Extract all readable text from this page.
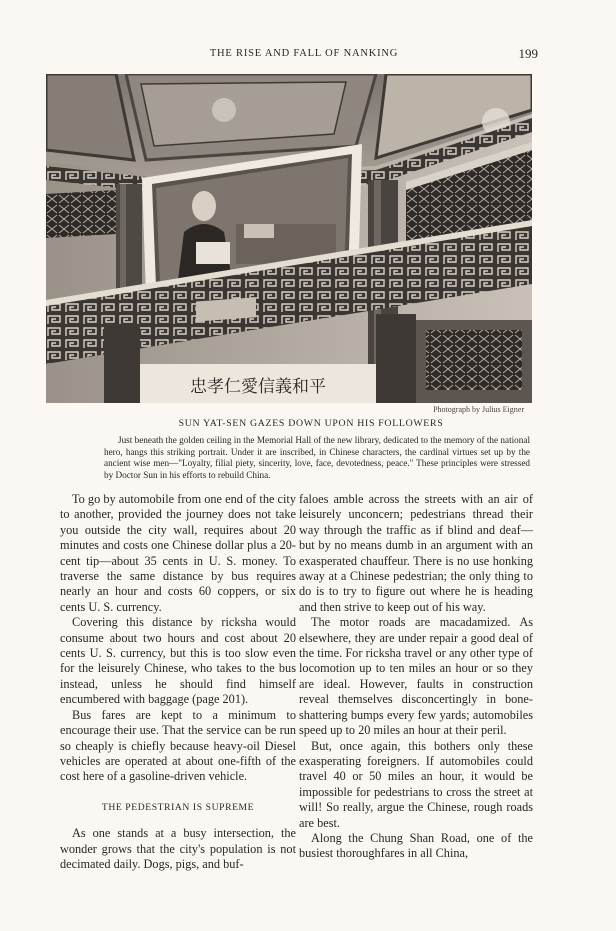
THE RISE AND FALL OF NANKING	199
忠孝仁愛信義和平
Photograph by Julius Eigner
SUN YAT-SEN GAZES DOWN UPON HIS FOLLOWERS
Just beneath the golden ceiling in the Memorial Hall of the new library, dedicated to the memory of the national hero, hangs this striking portrait. Under it are inscribed, in Chinese characters, the cardinal virtues set up by the ancient wise men—"Loyalty, filial piety, sincerity, love, face, devotedness, peace." These principles were stressed by Doctor Sun in his efforts to rebuild China.

To go by automobile from one end of the city to another, provided the journey does not take you outside the city wall, requires about 20 minutes and costs one Chinese dollar plus a 20-cent tip—about 35 cents in U. S. money. To traverse the same distance by bus requires nearly an hour and costs 60 coppers, or six cents U. S. currency.

Covering this distance by ricksha would consume about two hours and cost about 20 cents U. S. currency, but this is too slow even for the leisurely Chinese, who takes to the bus instead, unless he should find himself encumbered with baggage (page 201).

Bus fares are kept to a minimum to encourage their use. That the service can be run so cheaply is chiefly because heavy-oil Diesel vehicles are operated at about one-fifth of the cost here of a gasoline-driven vehicle.

THE PEDESTRIAN IS SUPREME

As one stands at a busy intersection, the wonder grows that the city's population is not decimated daily. Dogs, pigs, and buf-

faloes amble across the streets with an air of leisurely unconcern; pedestrians thread their way through the traffic as if blind and deaf—but by no means dumb in an argument with an exasperated chauffeur. There is no use honking away at a Chinese pedestrian; the only thing to do is to try to figure out where he is heading and then strive to keep out of his way.

The motor roads are macadamized. As elsewhere, they are under repair a good deal of the time. For ricksha travel or any other type of locomotion up to ten miles an hour or so they are ideal. However, faults in construction reveal themselves disconcertingly in bone-shattering bumps every few yards; automobiles speed up to 20 miles an hour at their peril.

But, once again, this bothers only these exasperating foreigners. If automobiles could travel 40 or 50 miles an hour, it would be impossible for pedestrians to cross the street at will! So really, argue the Chinese, rough roads are best.

Along the Chung Shan Road, one of the busiest thoroughfares in all China,
